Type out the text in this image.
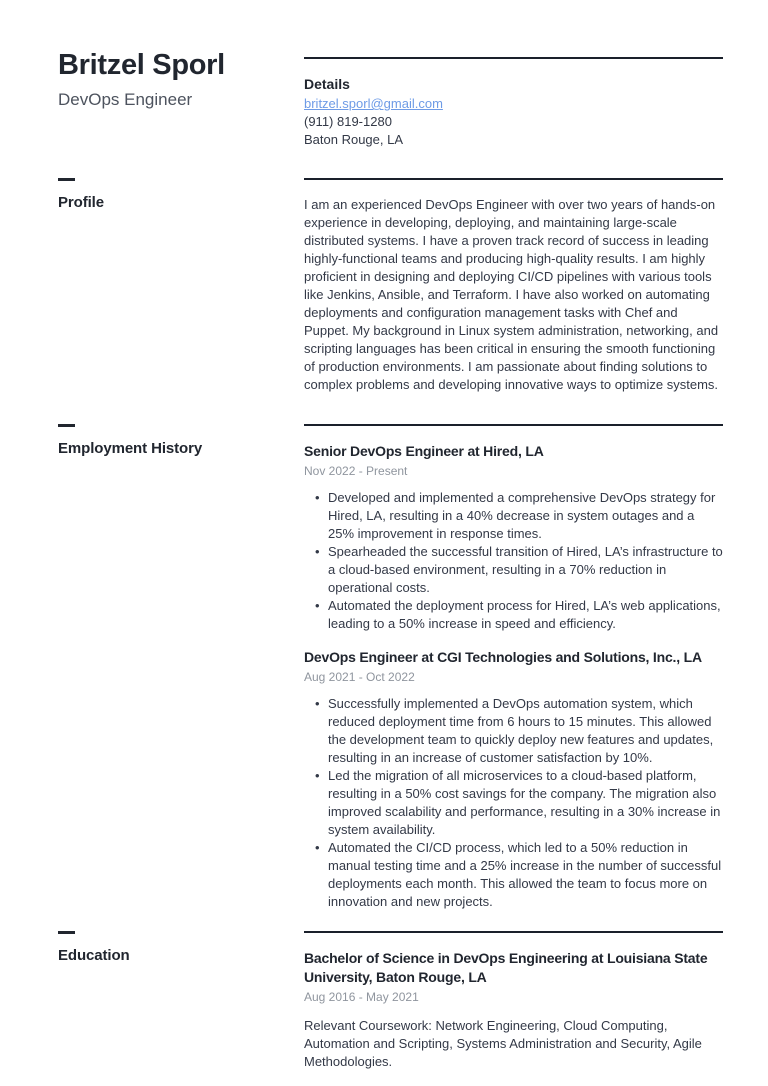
Britzel Sporl
DevOps Engineer
Details
britzel.sporl@gmail.com
(911) 819-1280
Baton Rouge, LA
Profile	I am an experienced DevOps Engineer with over two years of hands-on experience in developing, deploying, and maintaining large-scale distributed systems. I have a proven track record of success in leading highly-functional teams and producing high-quality results. I am highly proficient in designing and deploying CI/CD pipelines with various tools like Jenkins, Ansible, and Terraform. I have also worked on automating deployments and configuration management tasks with Chef and Puppet. My background in Linux system administration, networking, and scripting languages has been critical in ensuring the smooth functioning of production environments. I am passionate about finding solutions to complex problems and developing innovative ways to optimize systems.

Employment History	Senior DevOps Engineer at Hired, LA
Nov 2022 - Present
• Developed and implemented a comprehensive DevOps strategy for Hired, LA, resulting in a 40% decrease in system outages and a 25% improvement in response times.
• Spearheaded the successful transition of Hired, LA’s infrastructure to a cloud-based environment, resulting in a 70% reduction in operational costs.
• Automated the deployment process for Hired, LA’s web applications, leading to a 50% increase in speed and efficiency.
DevOps Engineer at CGI Technologies and Solutions, Inc., LA
Aug 2021 - Oct 2022
• Successfully implemented a DevOps automation system, which reduced deployment time from 6 hours to 15 minutes. This allowed the development team to quickly deploy new features and updates, resulting in an increase of customer satisfaction by 10%.
• Led the migration of all microservices to a cloud-based platform, resulting in a 50% cost savings for the company. The migration also improved scalability and performance, resulting in a 30% increase in system availability.
• Automated the CI/CD process, which led to a 50% reduction in manual testing time and a 25% increase in the number of successful deployments each month. This allowed the team to focus more on innovation and new projects.
Education	Bachelor of Science in DevOps Engineering at Louisiana State University, Baton Rouge, LA
Aug 2016 - May 2021

Relevant Coursework: Network Engineering, Cloud Computing, Automation and Scripting, Systems Administration and Security, Agile Methodologies.
